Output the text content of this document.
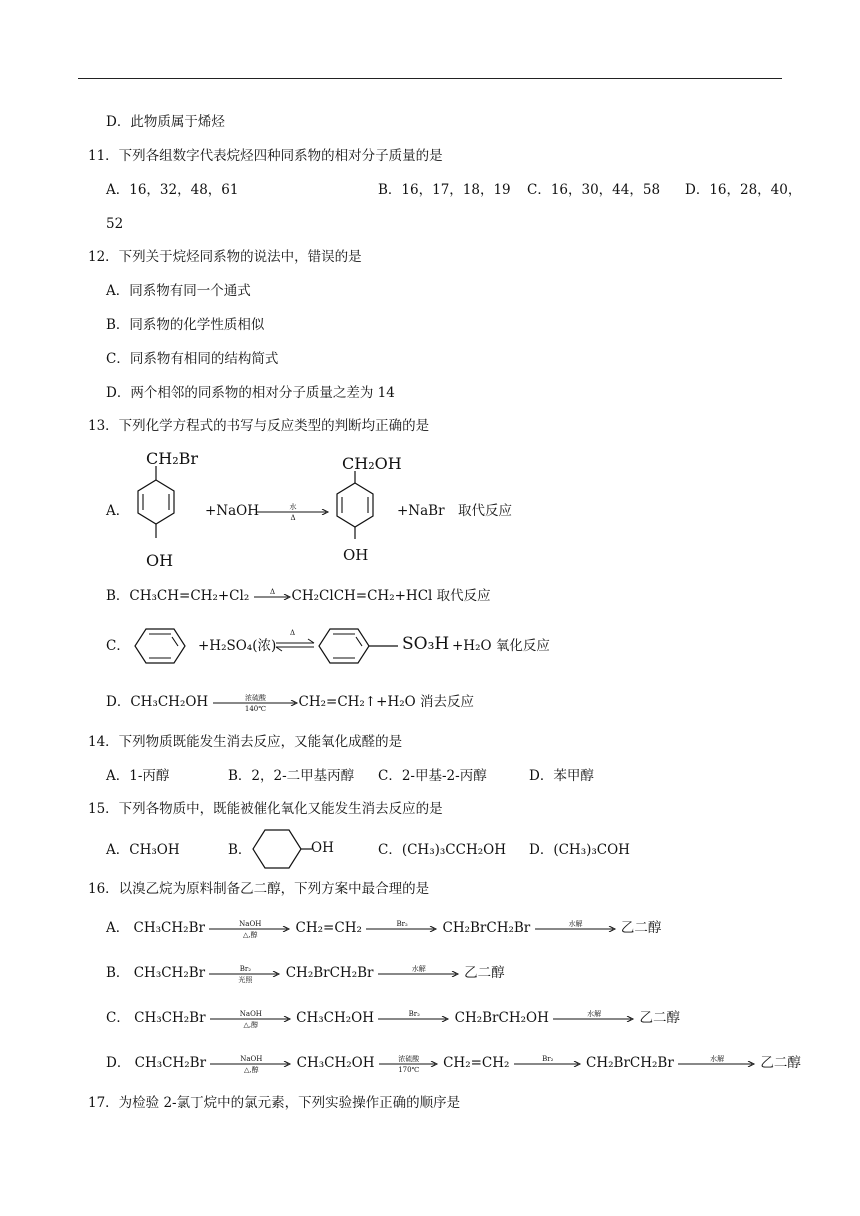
D．此物质属于烯烃
11．下列各组数字代表烷烃四种同系物的相对分子质量的是
A．16，32，48，61	B．16，17，18，19 C．16，30，44，58 D．16，28，40，
52
12．下列关于烷烃同系物的说法中，错误的是
A．同系物有同一个通式
B．同系物的化学性质相似
C．同系物有相同的结构简式
D．两个相邻的同系物的相对分子质量之差为 14
13．下列化学方程式的书写与反应类型的判断均正确的是
A．
CH₂Br
OH
+NaOH	水
Δ
CH₂OH
OH
+NaBr　取代反应
B．CH₃CH=CH₂+Cl₂	Δ	CH₂ClCH=CH₂+HCl 取代反应
C．	+H₂SO₄(浓)
Δ
SO₃H +H₂O 氧化反应
D．CH₃CH₂OH	浓硫酸
140℃	CH₂=CH₂↑+H₂O 消去反应
14．下列物质既能发生消去反应，又能氧化成醛的是
A．1-丙醇	B．2，2-二甲基丙醇 C．2-甲基-2-丙醇	D．苯甲醇
15．下列各物质中，既能被催化氧化又能发生消去反应的是
A．CH₃OH	B．	OH	C．(CH₃)₃CCH₂OH D．(CH₃)₃COH
16．以溴乙烷为原料制备乙二醇，下列方案中最合理的是
A． CH₃CH₂Br	NaOH
△,醇	CH₂=CH₂	Br₂	CH₂BrCH₂Br	水解	乙二醇
B． CH₃CH₂Br	Br₂
光照	CH₂BrCH₂Br	水解	乙二醇
C． CH₃CH₂Br	NaOH
△,醇	CH₃CH₂OH	Br₂	CH₂BrCH₂OH	水解	乙二醇
D． CH₃CH₂Br	NaOH
△,醇	CH₃CH₂OH	浓硫酸
170℃	CH₂=CH₂	Br₂	CH₂BrCH₂Br	水解	乙二醇
17．为检验 2-氯丁烷中的氯元素，下列实验操作正确的顺序是
